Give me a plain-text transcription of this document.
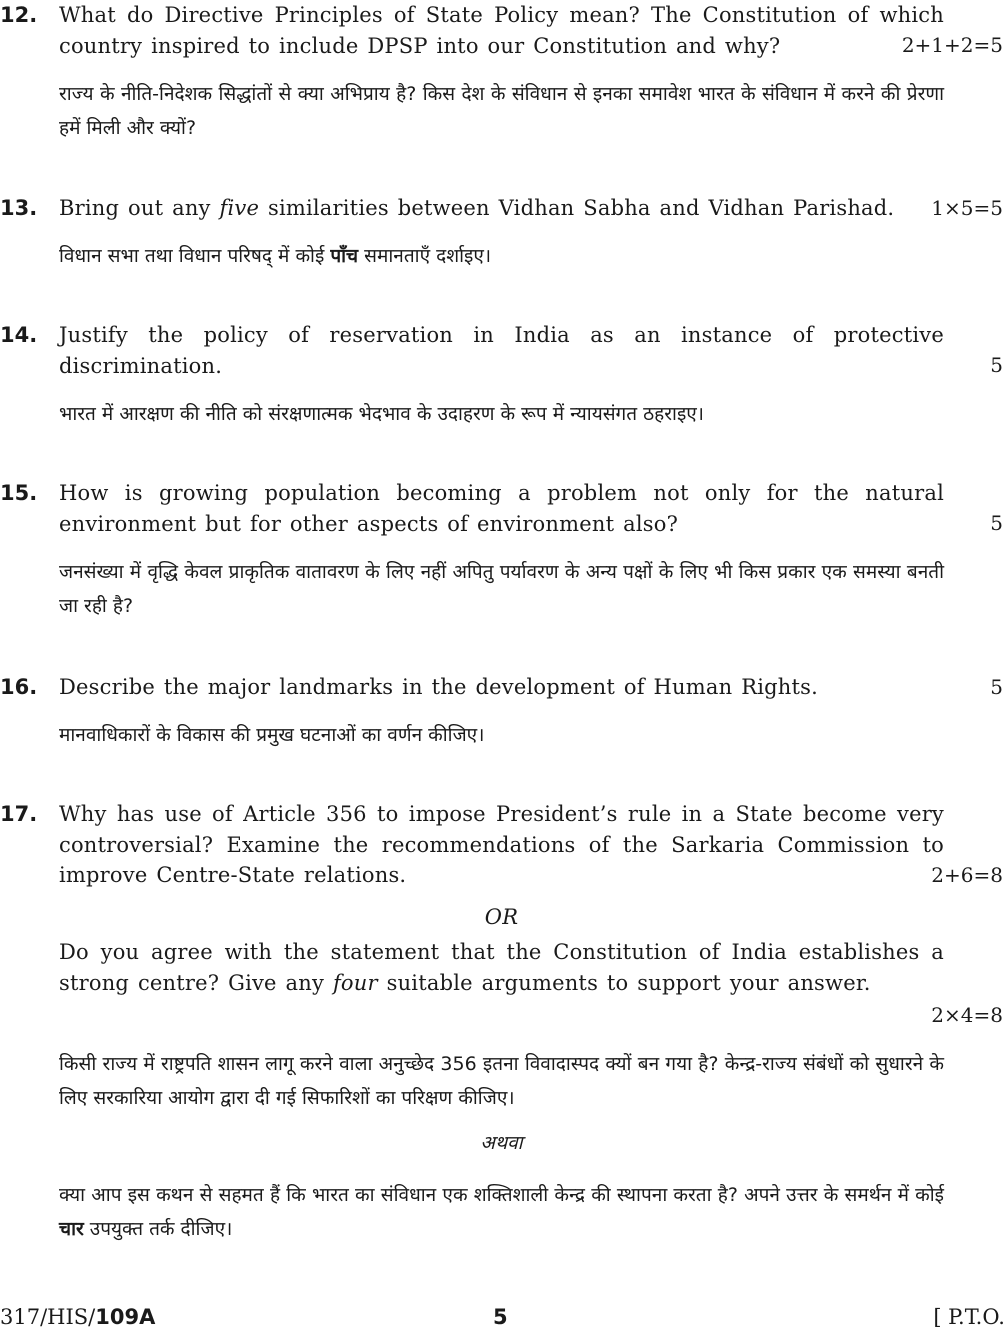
12. What do Directive Principles of State Policy mean? The Constitution of which

country inspired to include DPSP into our Constitution and why?	2+1+2=5
राज्य के नीति-निदेशक सिद्धांतों से क्या अभिप्राय है? किस देश के संविधान से इनका समावेश भारत के संविधान में करने की प्रेरणा हमें मिली और क्यों?
13. Bring out any five similarities between Vidhan Sabha and Vidhan Parishad.	1×5=5
विधान सभा तथा विधान परिषद् में कोई पाँच समानताएँ दर्शाइए।
14. Justify the policy of reservation in India as an instance of protective

discrimination.	5
भारत में आरक्षण की नीति को संरक्षणात्मक भेदभाव के उदाहरण के रूप में न्यायसंगत ठहराइए।
15. How is growing population becoming a problem not only for the natural

environment but for other aspects of environment also?	5
जनसंख्या में वृद्धि केवल प्राकृतिक वातावरण के लिए नहीं अपितु पर्यावरण के अन्य पक्षों के लिए भी किस प्रकार एक समस्या बनती जा रही है?
16. Describe the major landmarks in the development of Human Rights.	5
मानवाधिकारों के विकास की प्रमुख घटनाओं का वर्णन कीजिए।
17. Why has use of Article 356 to impose President’s rule in a State become very

controversial? Examine the recommendations of the Sarkaria Commission to

improve Centre-State relations.	2+6=8
OR

Do you agree with the statement that the Constitution of India establishes a

strong centre? Give any four suitable arguments to support your answer.

2×4=8
किसी राज्य में राष्ट्रपति शासन लागू करने वाला अनुच्छेद 356 इतना विवादास्पद क्यों बन गया है? केन्द्र-राज्य संबंधों को सुधारने के लिए सरकारिया आयोग द्वारा दी गई सिफारिशों का परिक्षण कीजिए।
अथवा
क्या आप इस कथन से सहमत हैं कि भारत का संविधान एक शक्तिशाली केन्द्र की स्थापना करता है? अपने उत्तर के समर्थन में कोई चार उपयुक्त तर्क दीजिए।
317/HIS/109A	5	[ P.T.O.
